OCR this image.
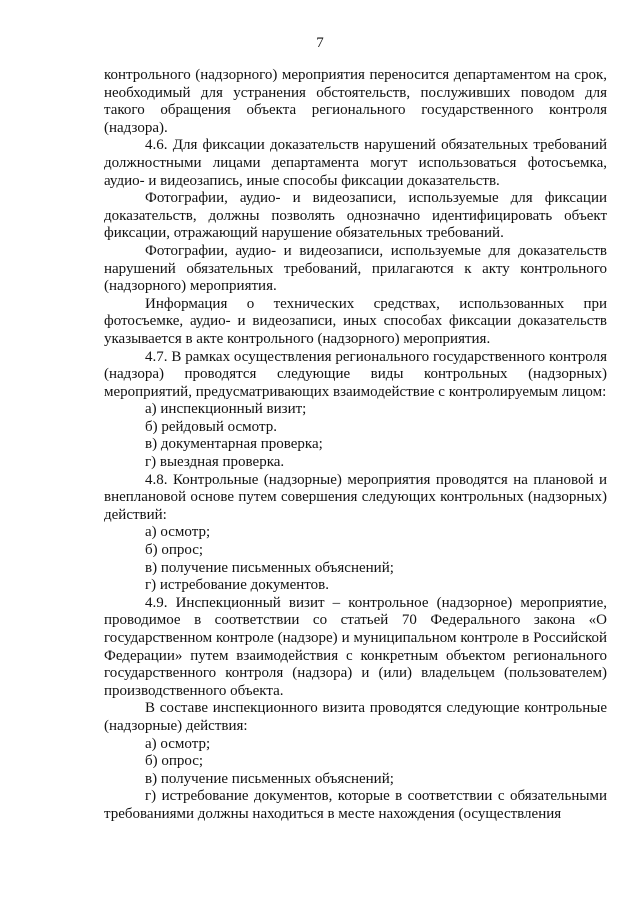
7

контрольного (надзорного) мероприятия переносится департаментом на срок, необходимый для устранения обстоятельств, послуживших поводом для такого обращения объекта регионального государственного контроля (надзора).

4.6. Для фиксации доказательств нарушений обязательных требований должностными лицами департамента могут использоваться фотосъемка, аудио- и видеозапись, иные способы фиксации доказательств.

Фотографии, аудио- и видеозаписи, используемые для фиксации доказательств, должны позволять однозначно идентифицировать объект фиксации, отражающий нарушение обязательных требований.

Фотографии, аудио- и видеозаписи, используемые для доказательств нарушений обязательных требований, прилагаются к акту контрольного (надзорного) мероприятия.

Информация о технических средствах, использованных при фотосъемке, аудио- и видеозаписи, иных способах фиксации доказательств указывается в акте контрольного (надзорного) мероприятия.

4.7. В рамках осуществления регионального государственного контроля (надзора) проводятся следующие виды контрольных (надзорных) мероприятий, предусматривающих взаимодействие с контролируемым лицом:

а) инспекционный визит;

б) рейдовый осмотр.

в) документарная проверка;

г) выездная проверка.

4.8. Контрольные (надзорные) мероприятия проводятся на плановой и внеплановой основе путем совершения следующих контрольных (надзорных) действий:

а) осмотр;

б) опрос;

в) получение письменных объяснений;

г) истребование документов.

4.9. Инспекционный визит – контрольное (надзорное) мероприятие, проводимое в соответствии со статьей 70 Федерального закона «О государственном контроле (надзоре) и муниципальном контроле в Российской Федерации» путем взаимодействия с конкретным объектом регионального государственного контроля (надзора) и (или) владельцем (пользователем) производственного объекта.

В составе инспекционного визита проводятся следующие контрольные (надзорные) действия:

а) осмотр;

б) опрос;

в) получение письменных объяснений;

г) истребование документов, которые в соответствии с обязательными требованиями должны находиться в месте нахождения (осуществления
